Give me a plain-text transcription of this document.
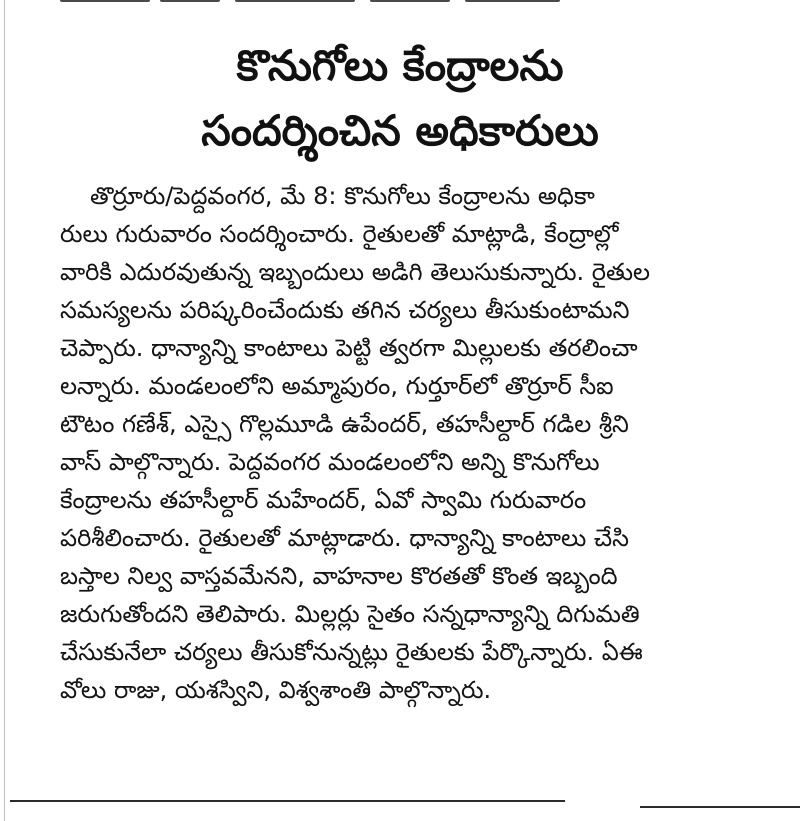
కొనుగోలు కేంద్రాలను
సందర్శించిన అధికారులు
తొర్రూరు/పెద్దవంగర, మే 8: కొనుగోలు కేంద్రాలను అధికా
రులు గురువారం సందర్శించారు. రైతులతో మాట్లాడి, కేంద్రాల్లో
వారికి ఎదురవుతున్న ఇబ్బందులు అడిగి తెలుసుకున్నారు. రైతుల
సమస్యలను పరిష్కరించేందుకు తగిన చర్యలు తీసుకుంటామని
చెప్పారు. ధాన్యాన్ని కాంటాలు పెట్టి త్వరగా మిల్లులకు తరలించా
లన్నారు. మండలంలోని అమ్మాపురం, గుర్తూర్‌లో తొర్రూర్ సీఐ
టౌటం గణేశ్, ఎస్సై గొల్లమూడి ఉపేందర్, తహసీల్దార్ గడిల శ్రీని
వాస్ పాల్గొన్నారు. పెద్దవంగర మండలంలోని అన్ని కొనుగోలు
కేంద్రాలను తహసీల్దార్ మహేందర్, ఏవో స్వామి గురువారం
పరిశీలించారు. రైతులతో మాట్లాడారు. ధాన్యాన్ని కాంటాలు చేసి
బస్తాల నిల్వ వాస్తవమేనని, వాహనాల కొరతతో కొంత ఇబ్బంది
జరుగుతోందని తెలిపారు. మిల్లర్లు సైతం సన్నధాన్యాన్ని దిగుమతి
చేసుకునేలా చర్యలు తీసుకోనున్నట్లు రైతులకు పేర్కొన్నారు. ఏఈ
వోలు రాజు, యశస్విని, విశ్వశాంతి పాల్గొన్నారు.
